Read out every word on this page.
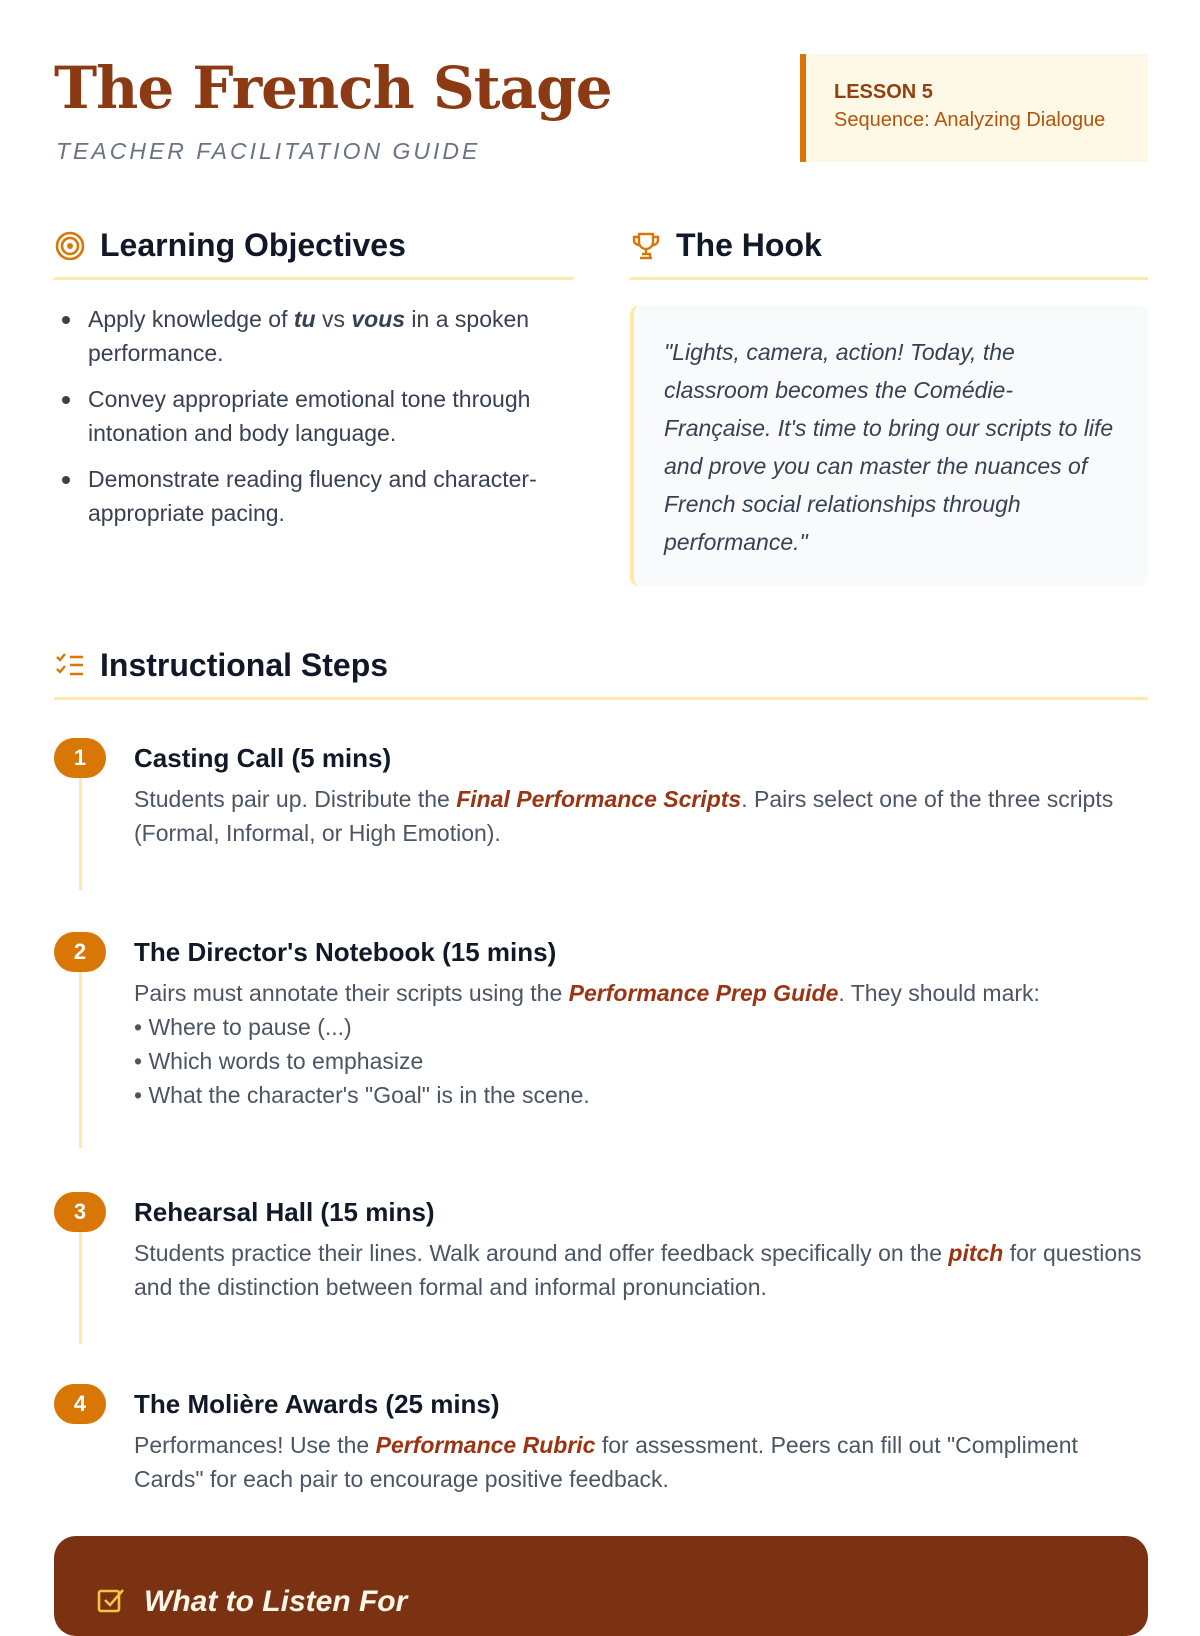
The French Stage
TEACHER FACILITATION GUIDE
LESSON 5
Sequence: Analyzing Dialogue
Learning Objectives
Apply knowledge of tu vs vous in a spoken performance.
Convey appropriate emotional tone through intonation and body language.
Demonstrate reading fluency and character-appropriate pacing.
The Hook
"Lights, camera, action! Today, the classroom becomes the Comédie-Française. It's time to bring our scripts to life and prove you can master the nuances of French social relationships through performance."
Instructional Steps
1	Casting Call (5 mins)
Students pair up. Distribute the Final Performance Scripts. Pairs select one of the three scripts (Formal, Informal, or High Emotion).
2	The Director's Notebook (15 mins)
Pairs must annotate their scripts using the Performance Prep Guide. They should mark:
• Where to pause (...)
• Which words to emphasize
• What the character's "Goal" is in the scene.
3	Rehearsal Hall (15 mins)
Students practice their lines. Walk around and offer feedback specifically on the pitch for questions and the distinction between formal and informal pronunciation.
4	The Molière Awards (25 mins)
Performances! Use the Performance Rubric for assessment. Peers can fill out "Compliment Cards" for each pair to encourage positive feedback.
What to Listen For
